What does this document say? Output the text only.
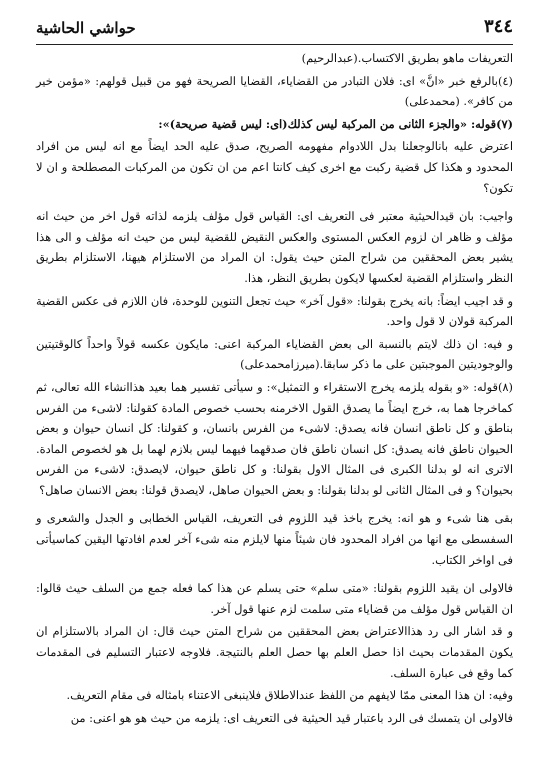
٣٤٤
حواشي الحاشية

التعريفات ماهو بطريق الاكتساب.(عبدالرحيم)

(٤)بالرفع خبر «انَّ» اى: فلان التبادر من القضاياء، القضايا الصريحة فهو من قبيل قولهم: «مؤمن خير من كافر». (محمدعلى)

(٧)قوله: «والجزء الثانى من المركبة ليس كذلك(اى: ليس قضية صريحة)»:

اعترض عليه بانالوجعلنا بدل اللادوام مفهومه الصريح، صدق عليه الحد ايضاً مع انه ليس من افراد المحدود و هكذا كل قضية ركبت مع اخرى كيف كانتا اعم من ان تكون من المركبات المصطلحة و ان لا تكون؟

واجيب: بان قيدالحيثية معتبر فى التعريف اى: القياس قول مؤلف يلزمه لذاته قول اخر من حيث انه مؤلف و ظاهر ان لزوم العكس المستوى والعكس النقيض للقضية ليس من حيث انه مؤلف و الى هذا يشير بعض المحققين من شراح المتن حيث يقول: ان المراد من الاستلزام هيهنا، الاستلزام بطريق النظر واستلزام القضية لعكسها لايكون بطريق النظر، هذا.

و قد اجيب ايضاً: بانه يخرج بقولنا: «قول آخر» حيث تجعل التنوين للوحدة، فان اللازم فى عكس القضية المركبة قولان لا قول واحد.

و فيه: ان ذلك لايتم بالنسبة الى بعض القضاياء المركبة اعنى: مايكون عكسه قولاً واحداً كالوقتيتين والوجوديتين الموجبتين على ما ذكر سابقا.(ميرزامحمدعلى)

(٨)قوله: «و بقوله يلزمه يخرج الاستقراء و التمثيل»: و سيأتى تفسير هما بعيد هذاانشاء الله تعالى، ثم كماخرجا هما به، خرج ايضاً ما يصدق القول الاخرمنه بحسب خصوص المادة كقولنا: لاشىء من الفرس بناطق و كل ناطق انسان فانه يصدق: لاشىء من الفرس بانسان، و كقولنا: كل انسان حيوان و بعض الحيوان ناطق فانه يصدق: كل انسان ناطق فان صدقهما فيهما ليس بلازم لهما بل هو لخصوص المادة. الاترى انه لو بدلنا الكبرى فى المثال الاول بقولنا: و كل ناطق حيوان، لايصدق: لاشىء من الفرس بحيوان؟ و فى المثال الثانى لو بدلنا بقولنا: و بعض الحيوان صاهل، لايصدق قولنا: بعض الانسان صاهل؟

بقى هنا شىء و هو انه: يخرج باخذ قيد اللزوم فى التعريف، القياس الخطابى و الجدل والشعرى و السفسطى مع انها من افراد المحدود فان شيئاً منها لايلزم منه شىء آخر لعدم افادتها اليقين كماسيأتى فى اواخر الكتاب.

فالاولى ان يقيد اللزوم بقولنا: «متى سلم» حتى يسلم عن هذا كما فعله جمع من السلف حيث قالوا: ان القياس قول مؤلف من قضاياء متى سلمت لزم عنها قول آخر.

و قد اشار الى رد هذاالاعتراض بعض المحققين من شراح المتن حيث قال: ان المراد بالاستلزام ان يكون المقدمات بحيث اذا حصل العلم بها حصل العلم بالنتيجة. فلاوجه لاعتبار التسليم فى المقدمات كما وقع فى عبارة السلف.

وفيه: ان هذا المعنى ممّا لايفهم من اللفظ عندالاطلاق فلاينبغى الاعتناء بامثاله فى مقام التعريف.

فالاولى ان يتمسك فى الرد باعتبار قيد الحيثية فى التعريف اى: يلزمه من حيث هو هو اعنى: من
